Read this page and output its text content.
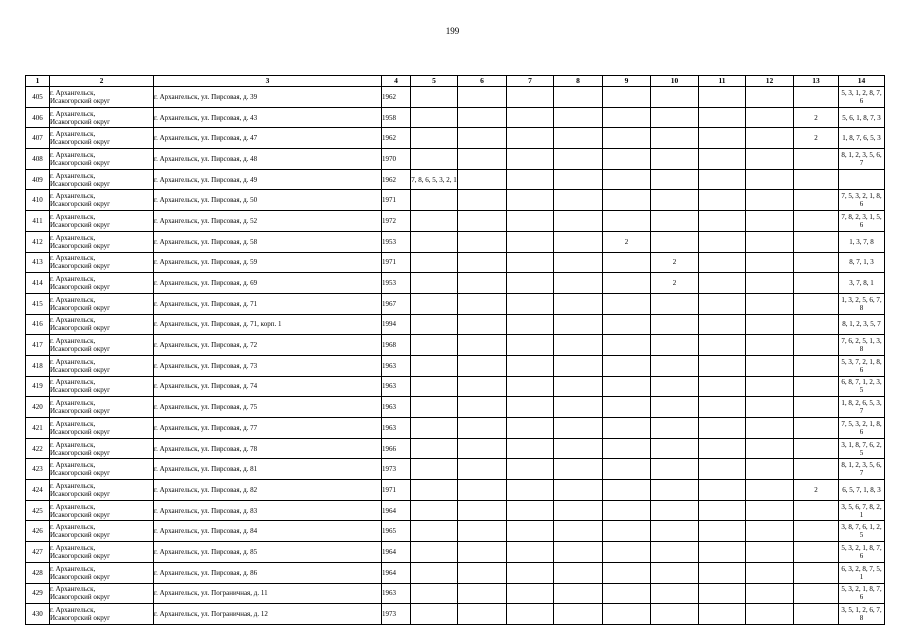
199
1	2	3	4	5	6	7	8	9	10	11	12	13	14
405	г. Архангельск,
Исакогорский округ	г. Архангельск, ул. Пирсовая, д. 39	1962										5, 3, 1, 2, 8, 7, 6
406	г. Архангельск,
Исакогорский округ	г. Архангельск, ул. Пирсовая, д. 43	1958									2	5, 6, 1, 8, 7, 3
407	г. Архангельск,
Исакогорский округ	г. Архангельск, ул. Пирсовая, д. 47	1962									2	1, 8, 7, 6, 5, 3
408	г. Архангельск,
Исакогорский округ	г. Архангельск, ул. Пирсовая, д. 48	1970										8, 1, 2, 3, 5, 6, 7
409	г. Архангельск,
Исакогорский округ	г. Архангельск, ул. Пирсовая, д. 49	1962	7, 8, 6, 5, 3, 2, 1									
410	г. Архангельск,
Исакогорский округ	г. Архангельск, ул. Пирсовая, д. 50	1971										7, 5, 3, 2, 1, 8, 6
411	г. Архангельск,
Исакогорский округ	г. Архангельск, ул. Пирсовая, д. 52	1972										7, 8, 2, 3, 1, 5, 6
412	г. Архангельск,
Исакогорский округ	г. Архангельск, ул. Пирсовая, д. 58	1953					2					1, 3, 7, 8
413	г. Архангельск,
Исакогорский округ	г. Архангельск, ул. Пирсовая, д. 59	1971						2				8, 7, 1, 3
414	г. Архангельск,
Исакогорский округ	г. Архангельск, ул. Пирсовая, д. 69	1953						2				3, 7, 8, 1
415	г. Архангельск,
Исакогорский округ	г. Архангельск, ул. Пирсовая, д. 71	1967										1, 3, 2, 5, 6, 7, 8
416	г. Архангельск,
Исакогорский округ	г. Архангельск, ул. Пирсовая, д. 71, корп. 1	1994										8, 1, 2, 3, 5, 7
417	г. Архангельск,
Исакогорский округ	г. Архангельск, ул. Пирсовая, д. 72	1968										7, 6, 2, 5, 1, 3, 8
418	г. Архангельск,
Исакогорский округ	г. Архангельск, ул. Пирсовая, д. 73	1963										5, 3, 7, 2, 1, 8, 6
419	г. Архангельск,
Исакогорский округ	г. Архангельск, ул. Пирсовая, д. 74	1963										6, 8, 7, 1, 2, 3, 5
420	г. Архангельск,
Исакогорский округ	г. Архангельск, ул. Пирсовая, д. 75	1963										1, 8, 2, 6, 5, 3, 7
421	г. Архангельск,
Исакогорский округ	г. Архангельск, ул. Пирсовая, д. 77	1963										7, 5, 3, 2, 1, 8, 6
422	г. Архангельск,
Исакогорский округ	г. Архангельск, ул. Пирсовая, д. 78	1966										3, 1, 8, 7, 6, 2, 5
423	г. Архангельск,
Исакогорский округ	г. Архангельск, ул. Пирсовая, д. 81	1973										8, 1, 2, 3, 5, 6, 7
424	г. Архангельск,
Исакогорский округ	г. Архангельск, ул. Пирсовая, д. 82	1971									2	6, 5, 7, 1, 8, 3
425	г. Архангельск,
Исакогорский округ	г. Архангельск, ул. Пирсовая, д. 83	1964										3, 5, 6, 7, 8, 2, 1
426	г. Архангельск,
Исакогорский округ	г. Архангельск, ул. Пирсовая, д. 84	1965										3, 8, 7, 6, 1, 2, 5
427	г. Архангельск,
Исакогорский округ	г. Архангельск, ул. Пирсовая, д. 85	1964										5, 3, 2, 1, 8, 7, 6
428	г. Архангельск,
Исакогорский округ	г. Архангельск, ул. Пирсовая, д. 86	1964										6, 3, 2, 8, 7, 5, 1
429	г. Архангельск,
Исакогорский округ	г. Архангельск, ул. Пограничная, д. 11	1963										5, 3, 2, 1, 8, 7, 6
430	г. Архангельск,
Исакогорский округ	г. Архангельск, ул. Пограничная, д. 12	1973										3, 5, 1, 2, 6, 7, 8
